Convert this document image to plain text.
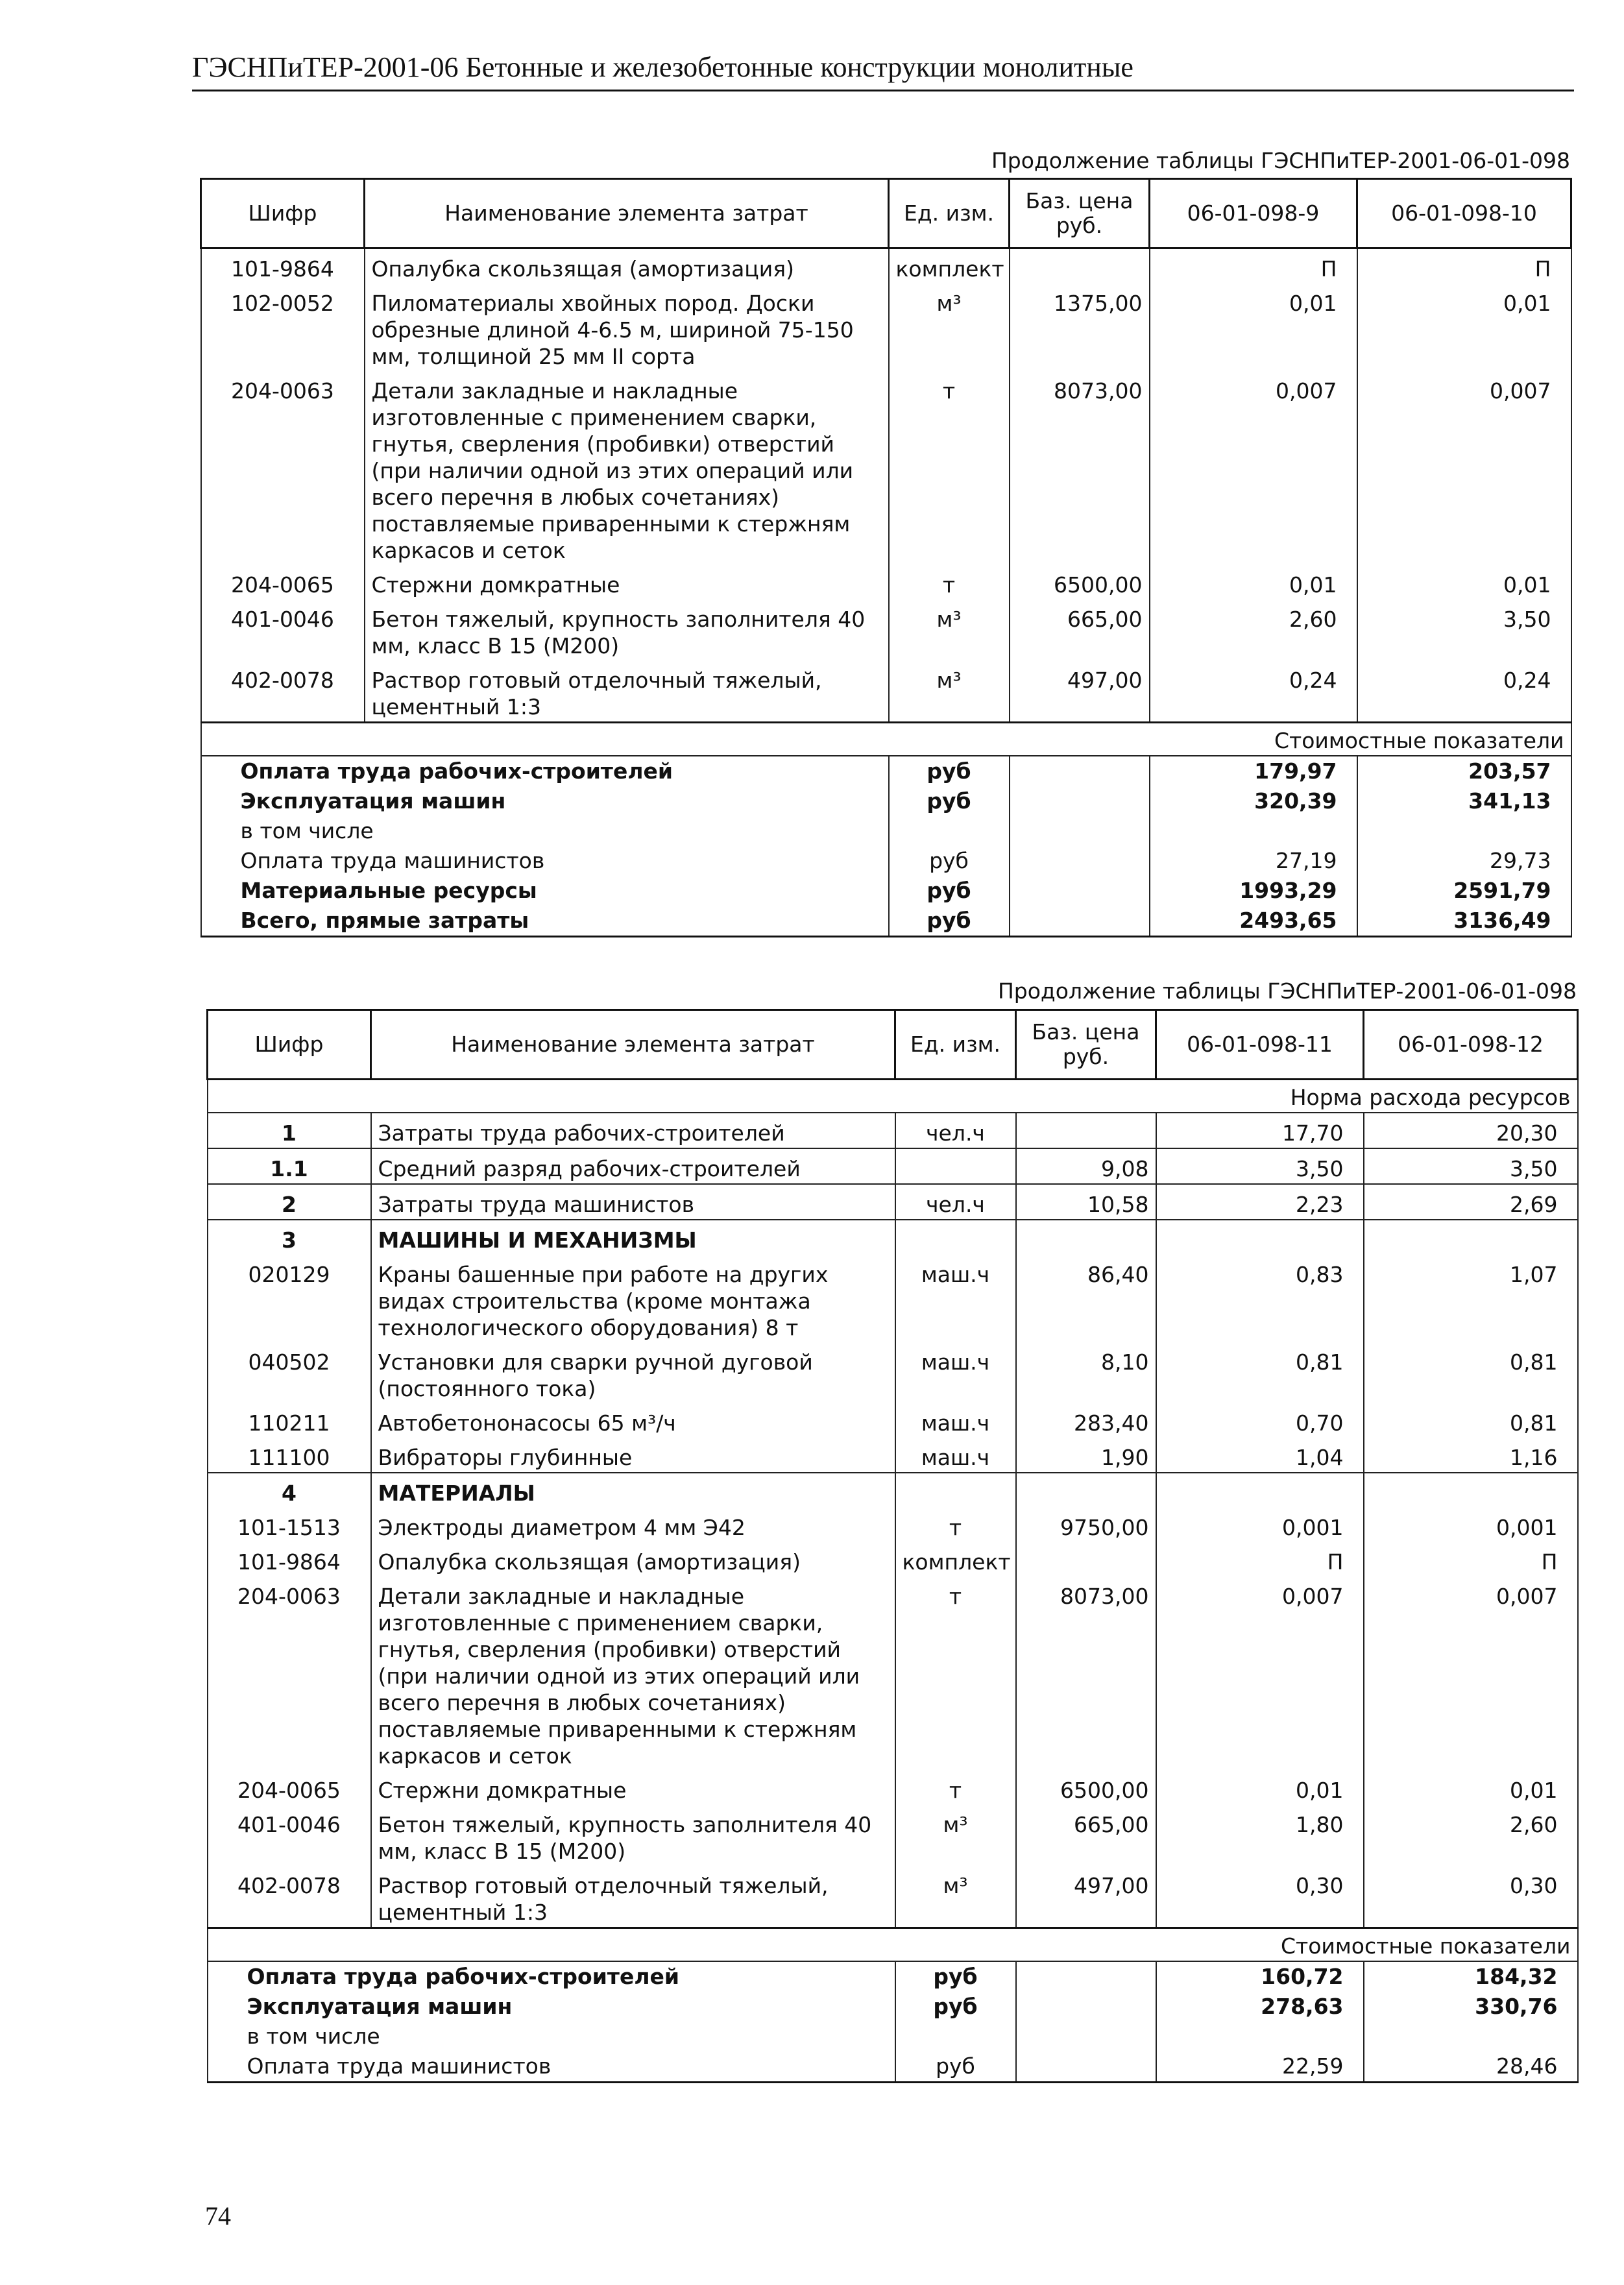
ГЭСНПиТЕР-2001-06 Бетонные и железобетонные конструкции монолитные
Продолжение таблицы ГЭСНПиТЕР-2001-06-01-098
Шифр	Наименование элемента затрат	Ед. изм.	Баз. цена руб.	06-01-098-9	06-01-098-10
101-9864	Опалубка скользящая (амортизация)	комплект		П	П
102-0052	Пиломатериалы хвойных пород. Доски обрезные длиной 4-6.5 м, шириной 75-150 мм, толщиной 25 мм II сорта	м³	1375,00	0,01	0,01
204-0063	Детали закладные и накладные изготовленные с применением сварки, гнутья, сверления (пробивки) отверстий (при наличии одной из этих операций или всего перечня в любых сочетаниях) поставляемые приваренными к стержням каркасов и сеток	т	8073,00	0,007	0,007
204-0065	Стержни домкратные	т	6500,00	0,01	0,01
401-0046	Бетон тяжелый, крупность заполнителя 40 мм, класс В 15 (М200)	м³	665,00	2,60	3,50
402-0078	Раствор готовый отделочный тяжелый, цементный 1:3	м³	497,00	0,24	0,24
Стоимостные показатели					
Оплата труда рабочих-строителей		руб		179,97	203,57
Эксплуатация машин		руб		320,39	341,13
в том числе					
Оплата труда машинистов		руб		27,19	29,73
Материальные ресурсы		руб		1993,29	2591,79
Всего, прямые затраты		руб		2493,65	3136,49
Продолжение таблицы ГЭСНПиТЕР-2001-06-01-098
Шифр	Наименование элемента затрат	Ед. изм.	Баз. цена руб.	06-01-098-11	06-01-098-12
Норма расхода ресурсов					
1	Затраты труда рабочих-строителей	чел.ч		17,70	20,30
1.1	Средний разряд рабочих-строителей		9,08	3,50	3,50
2	Затраты труда машинистов	чел.ч	10,58	2,23	2,69
3	МАШИНЫ И МЕХАНИЗМЫ				
020129	Краны башенные при работе на других видах строительства (кроме монтажа технологического оборудования) 8 т	маш.ч	86,40	0,83	1,07
040502	Установки для сварки ручной дуговой (постоянного тока)	маш.ч	8,10	0,81	0,81
110211	Автобетононасосы 65 м³/ч	маш.ч	283,40	0,70	0,81
111100	Вибраторы глубинные	маш.ч	1,90	1,04	1,16
4	МАТЕРИАЛЫ				
101-1513	Электроды диаметром 4 мм Э42	т	9750,00	0,001	0,001
101-9864	Опалубка скользящая (амортизация)	комплект		П	П
204-0063	Детали закладные и накладные изготовленные с применением сварки, гнутья, сверления (пробивки) отверстий (при наличии одной из этих операций или всего перечня в любых сочетаниях) поставляемые приваренными к стержням каркасов и сеток	т	8073,00	0,007	0,007
204-0065	Стержни домкратные	т	6500,00	0,01	0,01
401-0046	Бетон тяжелый, крупность заполнителя 40 мм, класс В 15 (М200)	м³	665,00	1,80	2,60
402-0078	Раствор готовый отделочный тяжелый, цементный 1:3	м³	497,00	0,30	0,30
Стоимостные показатели					
Оплата труда рабочих-строителей		руб		160,72	184,32
Эксплуатация машин		руб		278,63	330,76
в том числе					
Оплата труда машинистов		руб		22,59	28,46
74
